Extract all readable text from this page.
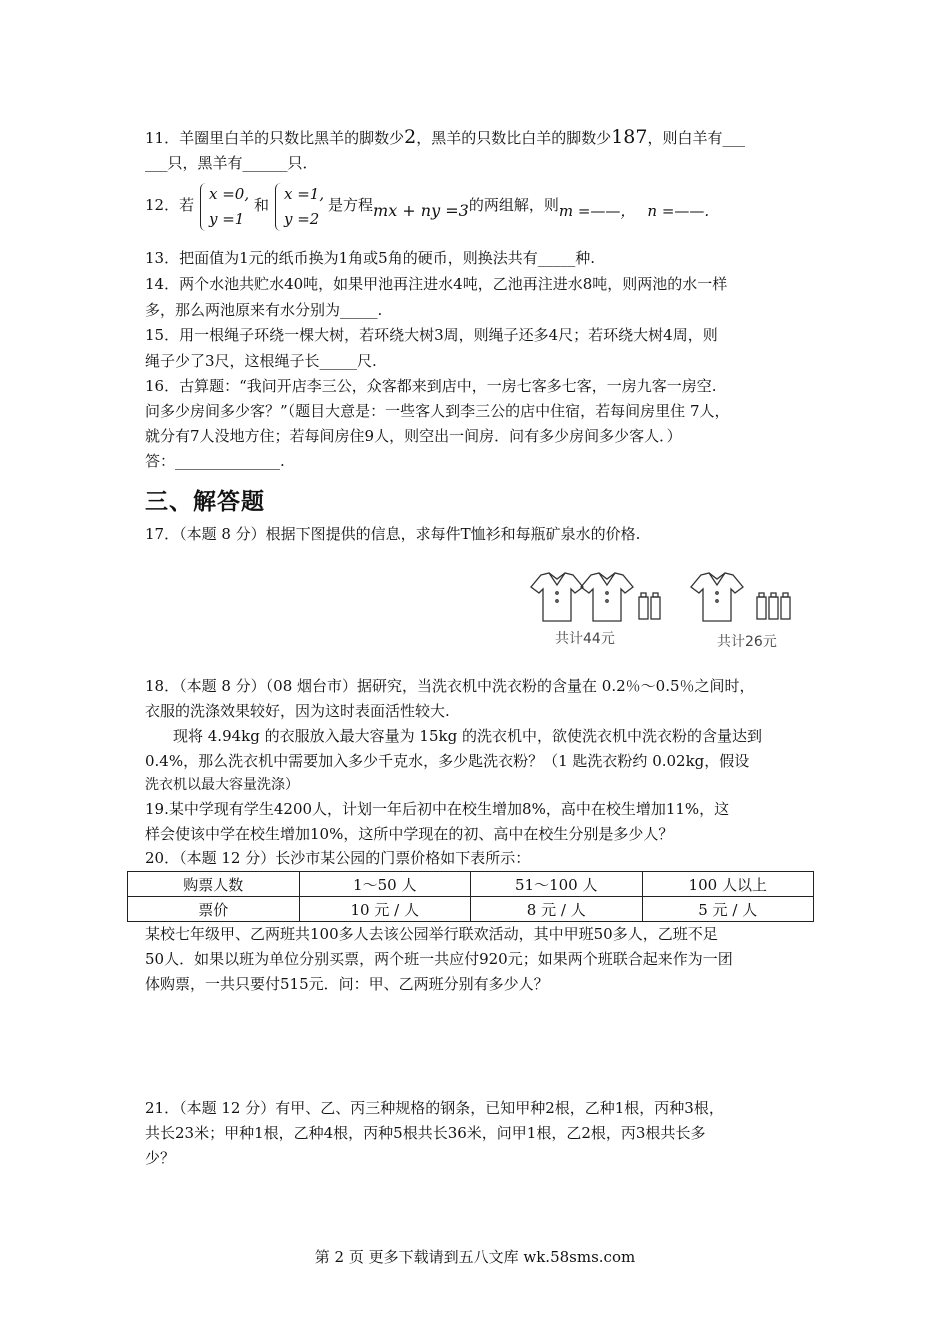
11．羊圈里白羊的只数比黑羊的脚数少2，黑羊的只数比白羊的脚数少187，则白羊有___
___只，黑羊有______只．
12．若
x =0,
y =1
和
x =1,
y =2
是方程mx + ny =3的两组解，则m =——， n =——.
13．把面值为1元的纸币换为1角或5角的硬币，则换法共有_____种.
14．两个水池共贮水40吨，如果甲池再注进水4吨，乙池再注进水8吨，则两池的水一样
多，那么两池原来有水分别为_____.
15．用一根绳子环绕一棵大树，若环绕大树3周，则绳子还多4尺；若环绕大树4周，则
绳子少了3尺，这根绳子长_____尺.
16．古算题：“我问开店李三公，众客都来到店中，一房七客多七客，一房九客一房空.
问多少房间多少客？”（题目大意是：一些客人到李三公的店中住宿，若每间房里住 7人，
就分有7人没地方住；若每间房住9人，则空出一间房．问有多少房间多少客人．）
答：______________.
三、解答题
17．（本题 8 分）根据下图提供的信息，求每件T恤衫和每瓶矿泉水的价格.
共计44元	共计26元
18．（本题 8 分）（08 烟台市）据研究，当洗衣机中洗衣粉的含量在 0.2％～0.5％之间时，
衣服的洗涤效果较好，因为这时表面活性较大.
现将 4.94kg 的衣服放入最大容量为 15kg 的洗衣机中，欲使洗衣机中洗衣粉的含量达到
0.4%，那么洗衣机中需要加入多少千克水，多少匙洗衣粉？（1 匙洗衣粉约 0.02kg，假设
洗衣机以最大容量洗涤）
19.某中学现有学生4200人，计划一年后初中在校生增加8%，高中在校生增加11%，这
样会使该中学在校生增加10%，这所中学现在的初、高中在校生分别是多少人？
20．（本题 12 分）长沙市某公园的门票价格如下表所示：
购票人数	1～50 人	51～100 人	100 人以上
票价	10 元 / 人	8 元 / 人	5 元 / 人
某校七年级甲、乙两班共100多人去该公园举行联欢活动，其中甲班50多人，乙班不足
50人．如果以班为单位分别买票，两个班一共应付920元；如果两个班联合起来作为一团
体购票，一共只要付515元．问：甲、乙两班分别有多少人？
21．（本题 12 分）有甲、乙、丙三种规格的钢条，已知甲种2根，乙种1根，丙种3根，
共长23米；甲种1根，乙种4根，丙种5根共长36米，问甲1根，乙2根，丙3根共长多
少？
第 2 页 更多下载请到五八文库 wk.58sms.com
